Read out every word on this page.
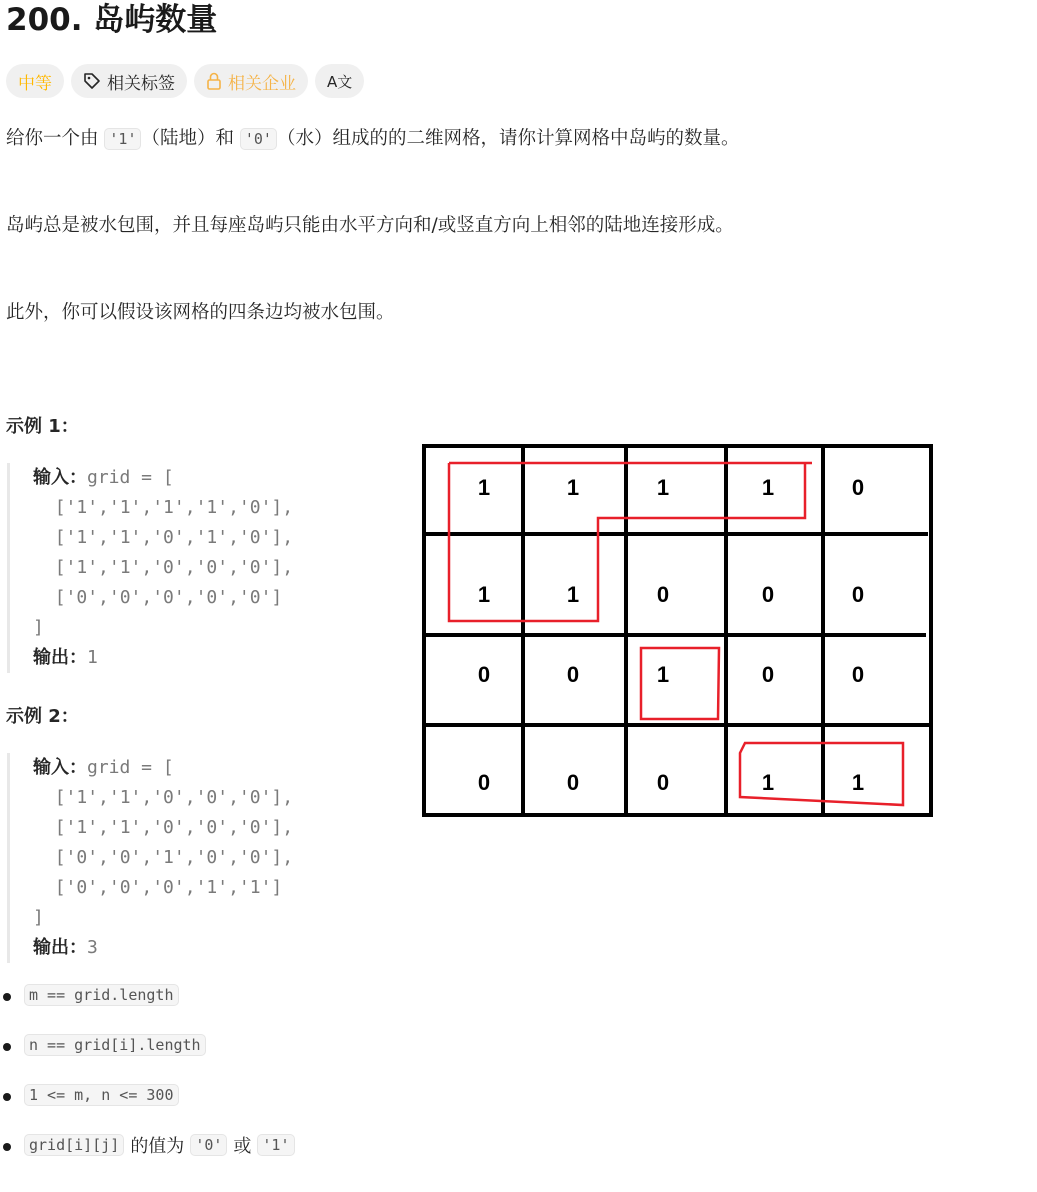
200. 岛屿数量
中等	相关标签	相关企业 A文
给你一个由 '1' （陆地）和 '0' （水）组成的的二维网格，请你计算网格中岛屿的数量。
岛屿总是被水包围，并且每座岛屿只能由水平方向和/或竖直方向上相邻的陆地连接形成。
此外，你可以假设该网格的四条边均被水包围。
示例 1：
输入：grid = [
['1','1','1','1','0'],
['1','1','0','1','0'],
['1','1','0','0','0'],
['0','0','0','0','0']
]
输出：1
示例 2：
输入：grid = [
['1','1','0','0','0'],
['1','1','0','0','0'],
['0','0','1','0','0'],
['0','0','0','1','1']
]
输出：3
1	1	1	1	0
1	1	0	0	0
0	0	1	0	0
0	0	0	1	1
m == grid.length
n == grid[i].length
1 <= m, n <= 300
grid[i][j] 的值为 '0' 或 '1'
